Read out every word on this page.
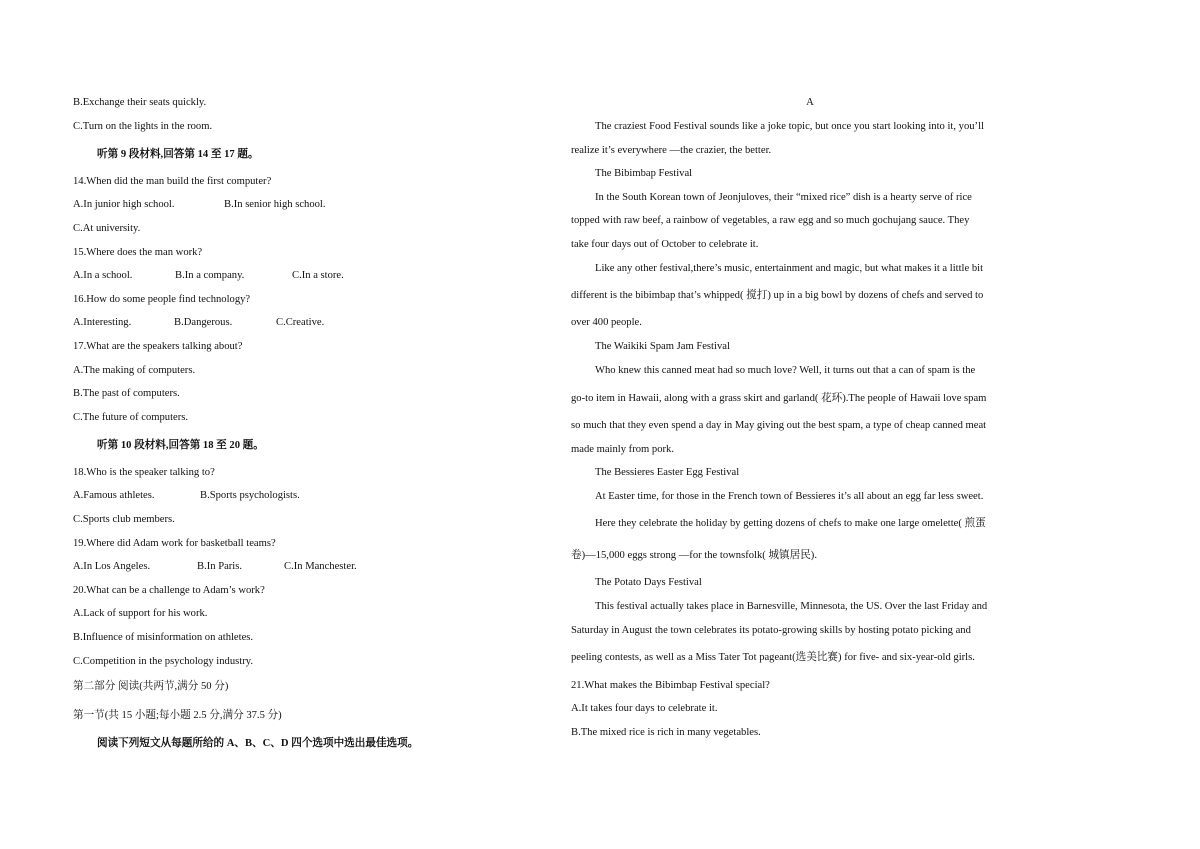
B.Exchange their seats quickly.
C.Turn on the lights in the room.
听第 9 段材料,回答第 14 至 17 题。
14.When did the man build the first computer?
A.In junior high school.	B.In senior high school.
C.At university.
15.Where does the man work?
A.In a school.	B.In a company.	C.In a store.
16.How do some people find technology?
A.Interesting.	B.Dangerous.	C.Creative.
17.What are the speakers talking about?
A.The making of computers.
B.The past of computers.
C.The future of computers.
听第 10 段材料,回答第 18 至 20 题。
18.Who is the speaker talking to?
A.Famous athletes.	B.Sports psychologists.
C.Sports club members.
19.Where did Adam work for basketball teams?
A.In Los Angeles.	B.In Paris.	C.In Manchester.
20.What can be a challenge to Adam’s work?
A.Lack of support for his work.
B.Influence of misinformation on athletes.
C.Competition in the psychology industry.
第二部分 阅读(共两节,满分 50 分)
第一节(共 15 小题;每小题 2.5 分,满分 37.5 分)
阅读下列短文从每题所给的 A、B、C、D 四个选项中选出最佳选项。
A
The craziest Food Festival sounds like a joke topic, but once you start looking into it, you’ll
realize it’s everywhere —the crazier, the better.
The Bibimbap Festival
In the South Korean town of Jeonjuloves, their “mixed rice” dish is a hearty serve of rice
topped with raw beef, a rainbow of vegetables, a raw egg and so much gochujang sauce. They
take four days out of October to celebrate it.
Like any other festival,there’s music, entertainment and magic, but what makes it a little bit
different is the bibimbap that’s whipped( 搅打) up in a big bowl by dozens of chefs and served to
over 400 people.
The Waikiki Spam Jam Festival
Who knew this canned meat had so much love? Well, it turns out that a can of spam is the
go-to item in Hawaii, along with a grass skirt and garland( 花环).The people of Hawaii love spam
so much that they even spend a day in May giving out the best spam, a type of cheap canned meat
made mainly from pork.
The Bessieres Easter Egg Festival
At Easter time, for those in the French town of Bessieres it’s all about an egg far less sweet.
Here they celebrate the holiday by getting dozens of chefs to make one large omelette( 煎蛋
卷)—15,000 eggs strong —for the townsfolk( 城镇居民).
The Potato Days Festival
This festival actually takes place in Barnesville, Minnesota, the US. Over the last Friday and
Saturday in August the town celebrates its potato-growing skills by hosting potato picking and
peeling contests, as well as a Miss Tater Tot pageant(选美比赛) for five- and six-year-old girls.
21.What makes the Bibimbap Festival special?
A.It takes four days to celebrate it.
B.The mixed rice is rich in many vegetables.
